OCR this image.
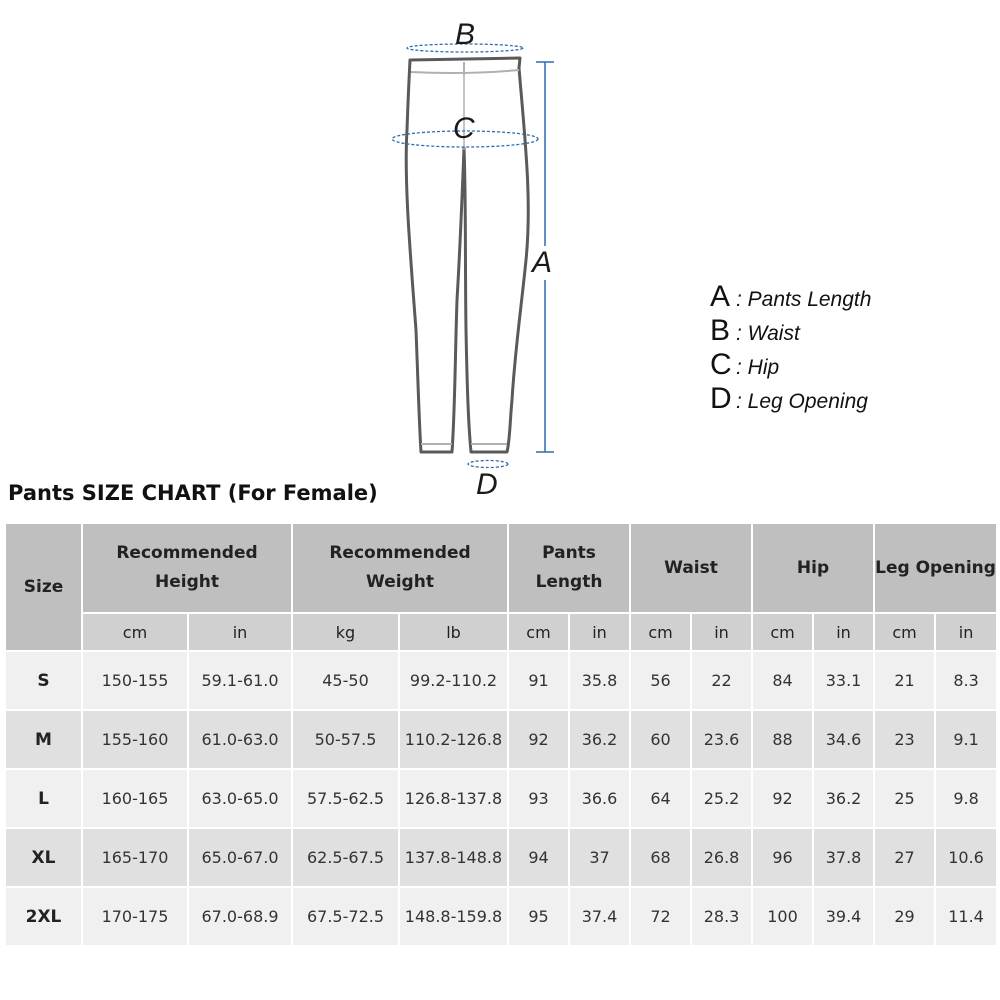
B
C
A
D
A : Pants Length
B : Waist
C : Hip
D : Leg Opening
Pants SIZE CHART (For Female)
Size	Recommended Height		Recommended Weight		Pants Length		Waist		Hip		Leg Opening	
	cm	in	kg	lb	cm	in	cm	in	cm	in	cm	in
S	150-155	59.1-61.0	45-50	99.2-110.2	91	35.8	56	22	84	33.1	21	8.3
M	155-160	61.0-63.0	50-57.5	110.2-126.8	92	36.2	60	23.6	88	34.6	23	9.1
L	160-165	63.0-65.0	57.5-62.5	126.8-137.8	93	36.6	64	25.2	92	36.2	25	9.8
XL	165-170	65.0-67.0	62.5-67.5	137.8-148.8	94	37	68	26.8	96	37.8	27	10.6
2XL	170-175	67.0-68.9	67.5-72.5	148.8-159.8	95	37.4	72	28.3	100	39.4	29	11.4
